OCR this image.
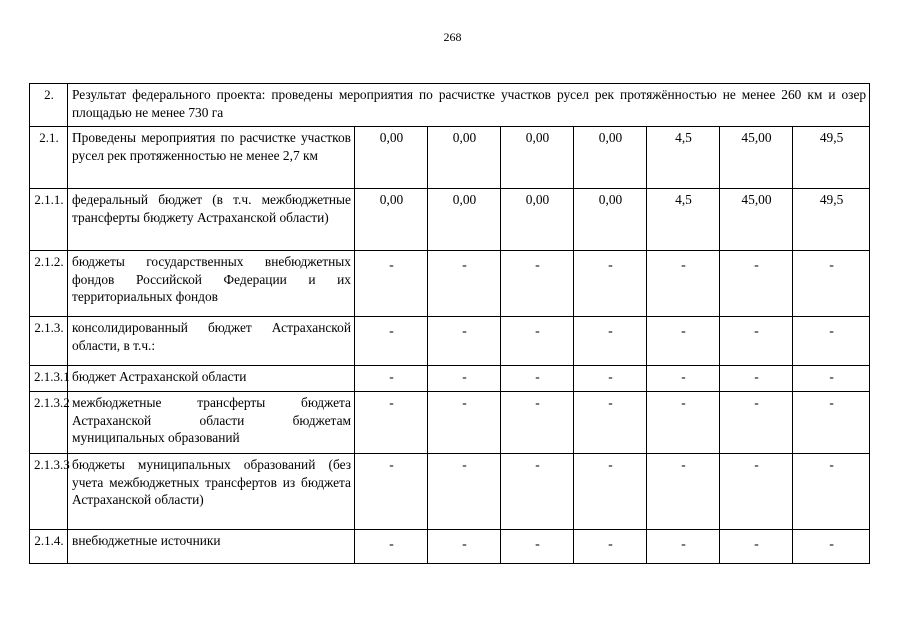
268
2.	Результат федерального проекта: проведены мероприятия по расчистке участков русел рек протяжённостью не менее 260 км и озер площадью не менее 730 га							
2.1.	Проведены мероприятия по расчистке участков русел рек протяженностью не менее 2,7 км	0,00	0,00	0,00	0,00	4,5	45,00	49,5
2.1.1.	федеральный бюджет (в т.ч. межбюджетные трансферты бюджету Астраханской области)	0,00	0,00	0,00	0,00	4,5	45,00	49,5
2.1.2.	бюджеты государственных внебюджетных фондов Российской Федерации и их территориальных фондов	-	-	-	-	-	-	-
2.1.3.	консолидированный бюджет Астраханской области, в т.ч.:	-	-	-	-	-	-	-
2.1.3.1	бюджет Астраханской области	-	-	-	-	-	-	-
2.1.3.2	межбюджетные трансферты бюджета Астраханской области бюджетам муниципальных образований	-	-	-	-	-	-	-
2.1.3.3	бюджеты муниципальных образований (без учета межбюджетных трансфертов из бюджета Астраханской области)	-	-	-	-	-	-	-
2.1.4.	внебюджетные источники	-	-	-	-	-	-	-
